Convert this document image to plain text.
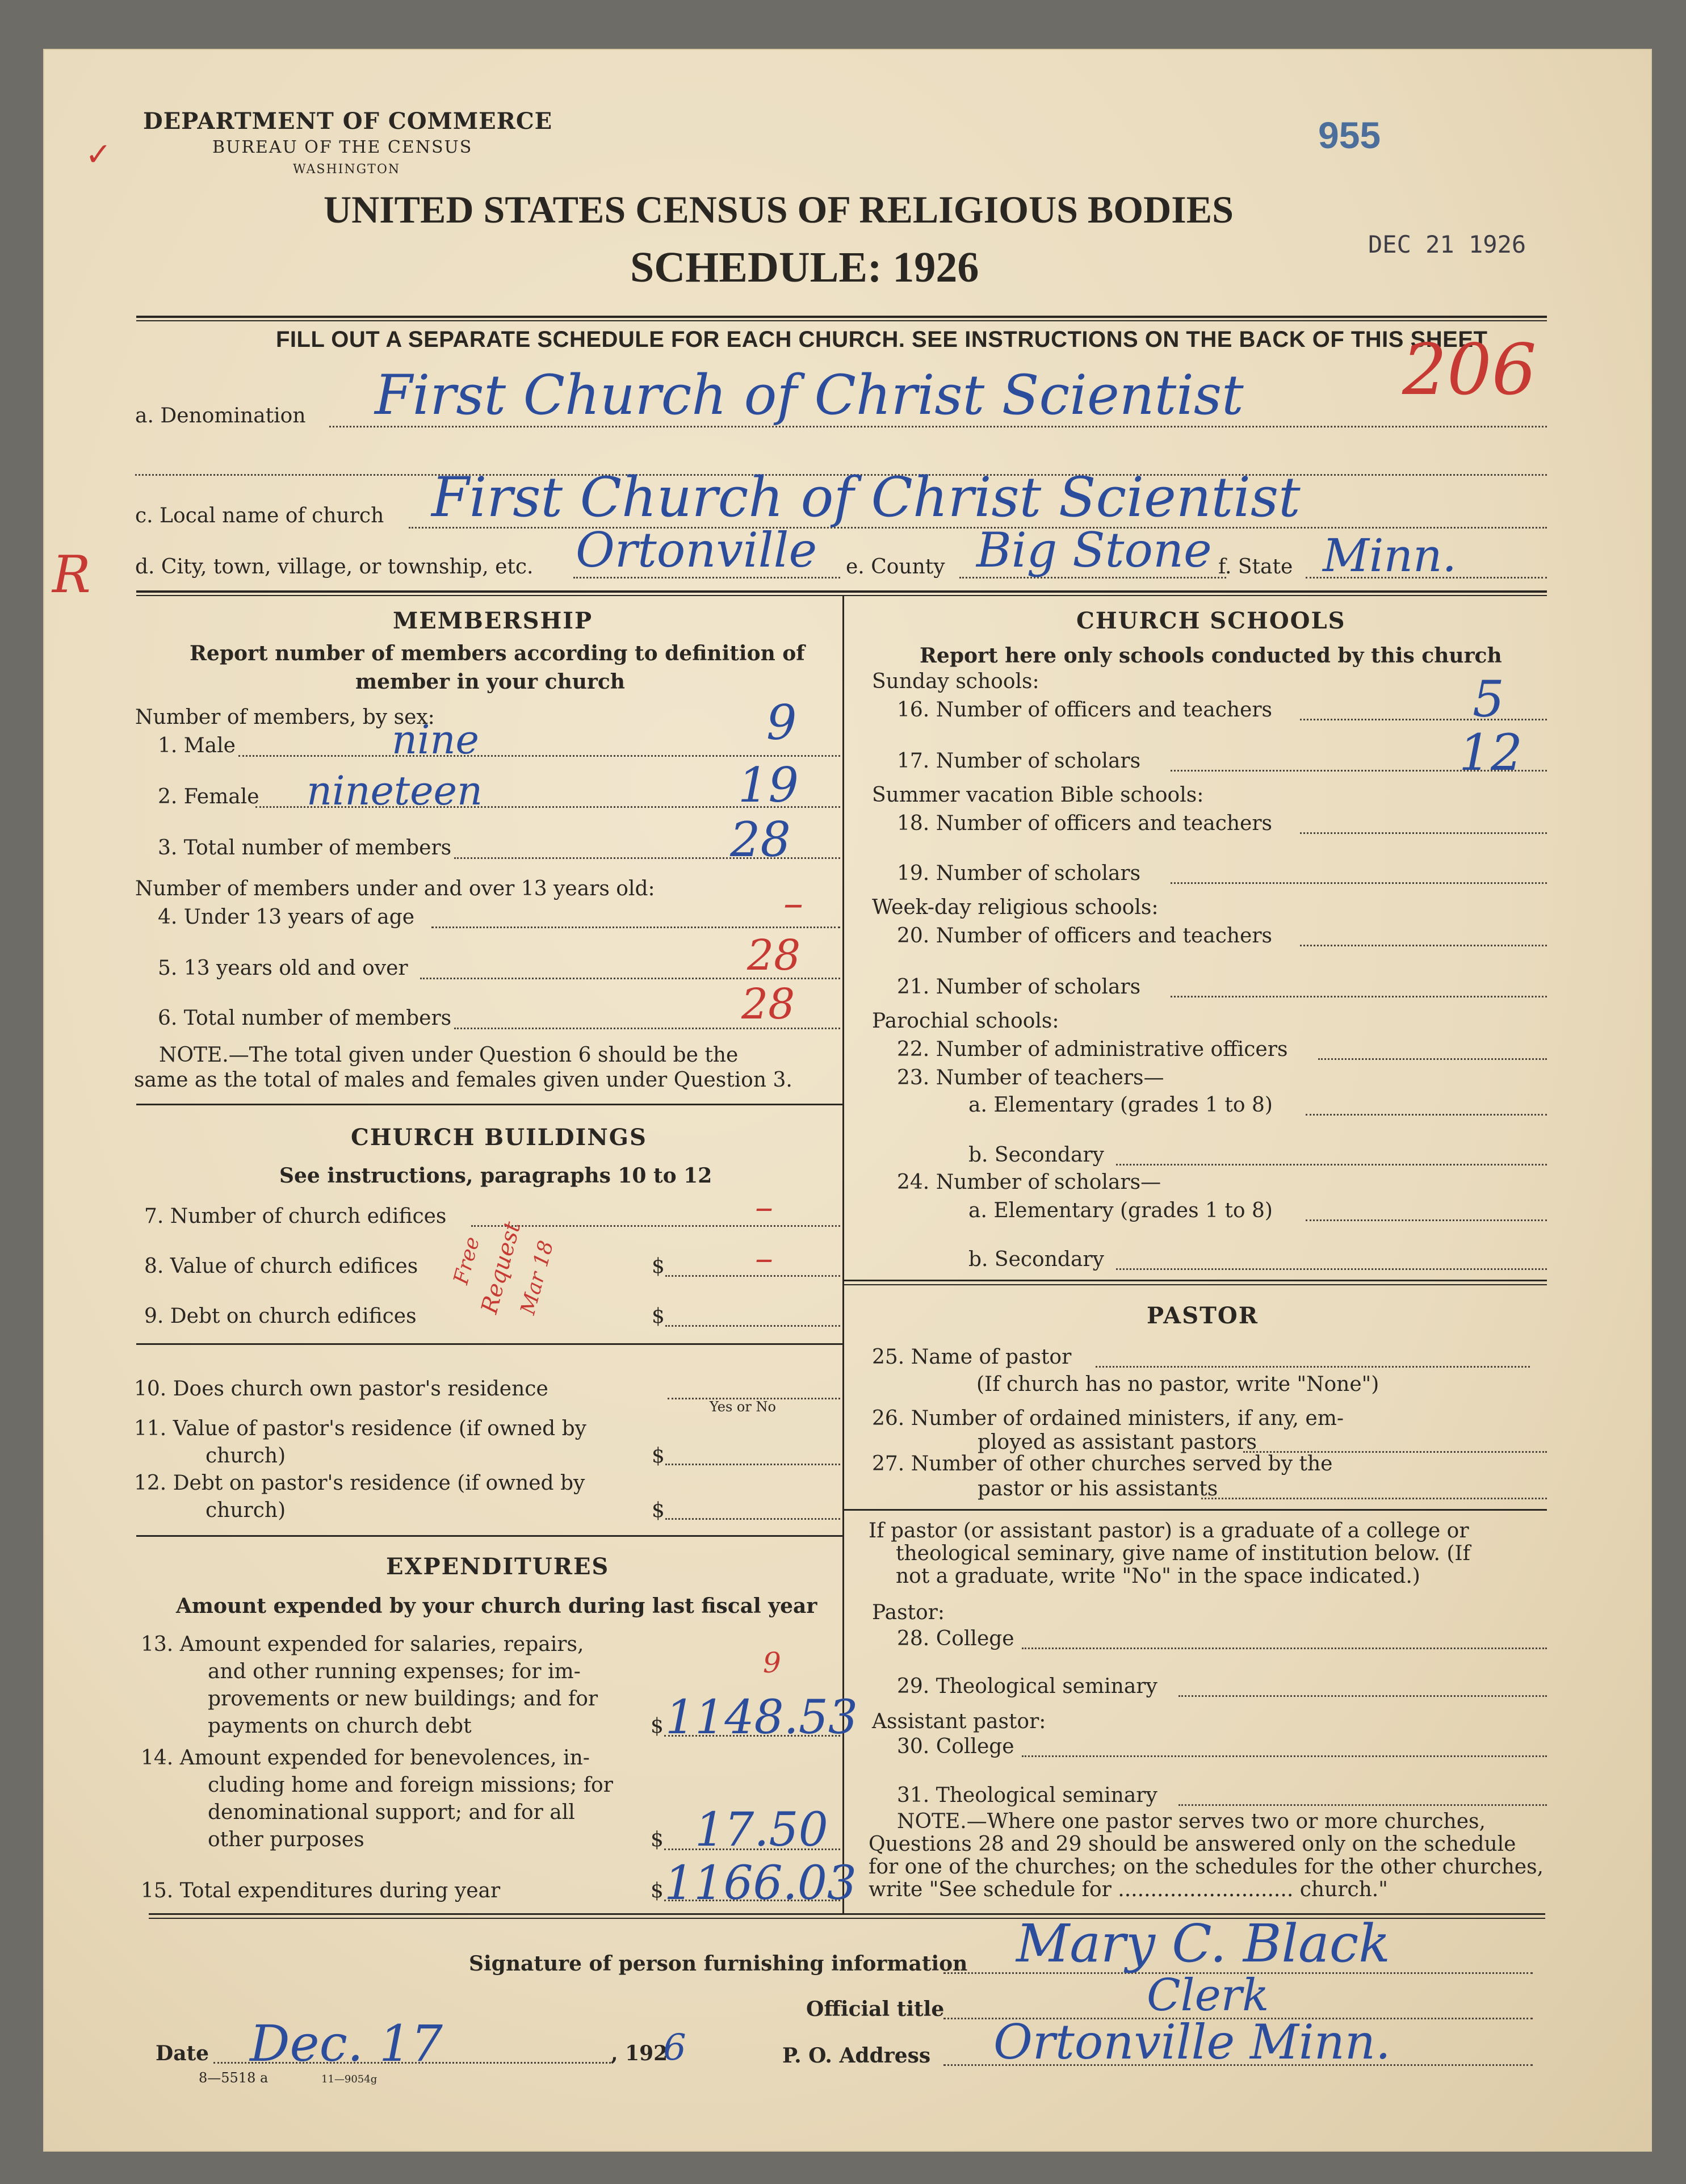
✓
DEPARTMENT OF COMMERCE
BUREAU OF THE CENSUS
WASHINGTON
955
UNITED STATES CENSUS OF RELIGIOUS BODIES
SCHEDULE: 1926	DEC 21 1926
FILL OUT A SEPARATE SCHEDULE FOR EACH CHURCH. SEE INSTRUCTIONS ON THE BACK OF THIS SHEET
206
R
a. Denomination First Church of Christ Scientist
c. Local name of church First Church of Christ Scientist
d. City, town, village, or township, etc. Ortonville e. County Big Stone f. State Minn.
MEMBERSHIP
Report number of members according to definition of
member in your church
Number of members, by sex:
1. Male	nine	9
2. Female nineteen	19
3. Total number of members	28
Number of members under and over 13 years old:
4. Under 13 years of age	–
5. 13 years old and over	28
6. Total number of members	28
NOTE.—The total given under Question 6 should be the
same as the total of males and females given under Question 3.
CHURCH BUILDINGS
See instructions, paragraphs 10 to 12
7. Number of church edifices	–
8. Value of church edifices	$ –
9. Debt on church edifices	$
Free
Request
Mar 18
10. Does church own pastor's residence
Yes or No
11. Value of pastor's residence (if owned by
church)	$
12. Debt on pastor's residence (if owned by
church)	$
EXPENDITURES
Amount expended by your church during last fiscal year
13. Amount expended for salaries, repairs,
and other running expenses; for im-
provements or new buildings; and for
payments on church debt	$ 1148.53
9
14. Amount expended for benevolences, in-
cluding home and foreign missions; for
denominational support; and for all
other purposes	$ 17.50
15. Total expenditures during year	$ 1166.03
CHURCH SCHOOLS
Report here only schools conducted by this church
Sunday schools:
16. Number of officers and teachers	5
17. Number of scholars	12
Summer vacation Bible schools:
18. Number of officers and teachers
19. Number of scholars
Week-day religious schools:
20. Number of officers and teachers
21. Number of scholars
Parochial schools:
22. Number of administrative officers
23. Number of teachers—
a. Elementary (grades 1 to 8)
b. Secondary
24. Number of scholars—
a. Elementary (grades 1 to 8)
b. Secondary
PASTOR
25. Name of pastor
(If church has no pastor, write "None")
26. Number of ordained ministers, if any, em-
ployed as assistant pastors
27. Number of other churches served by the
pastor or his assistants
If pastor (or assistant pastor) is a graduate of a college or
theological seminary, give name of institution below. (If
not a graduate, write "No" in the space indicated.)
Pastor:
28. College
29. Theological seminary
Assistant pastor:
30. College
31. Theological seminary
NOTE.—Where one pastor serves two or more churches,
Questions 28 and 29 should be answered only on the schedule
for one of the churches; on the schedules for the other churches,
write "See schedule for ........................... church."
Signature of person furnishing information Mary C. Black
Official title	Clerk
Date Dec. 17	, 192
6	P. O. Address Ortonville Minn.
8—5518 a	11—9054g
